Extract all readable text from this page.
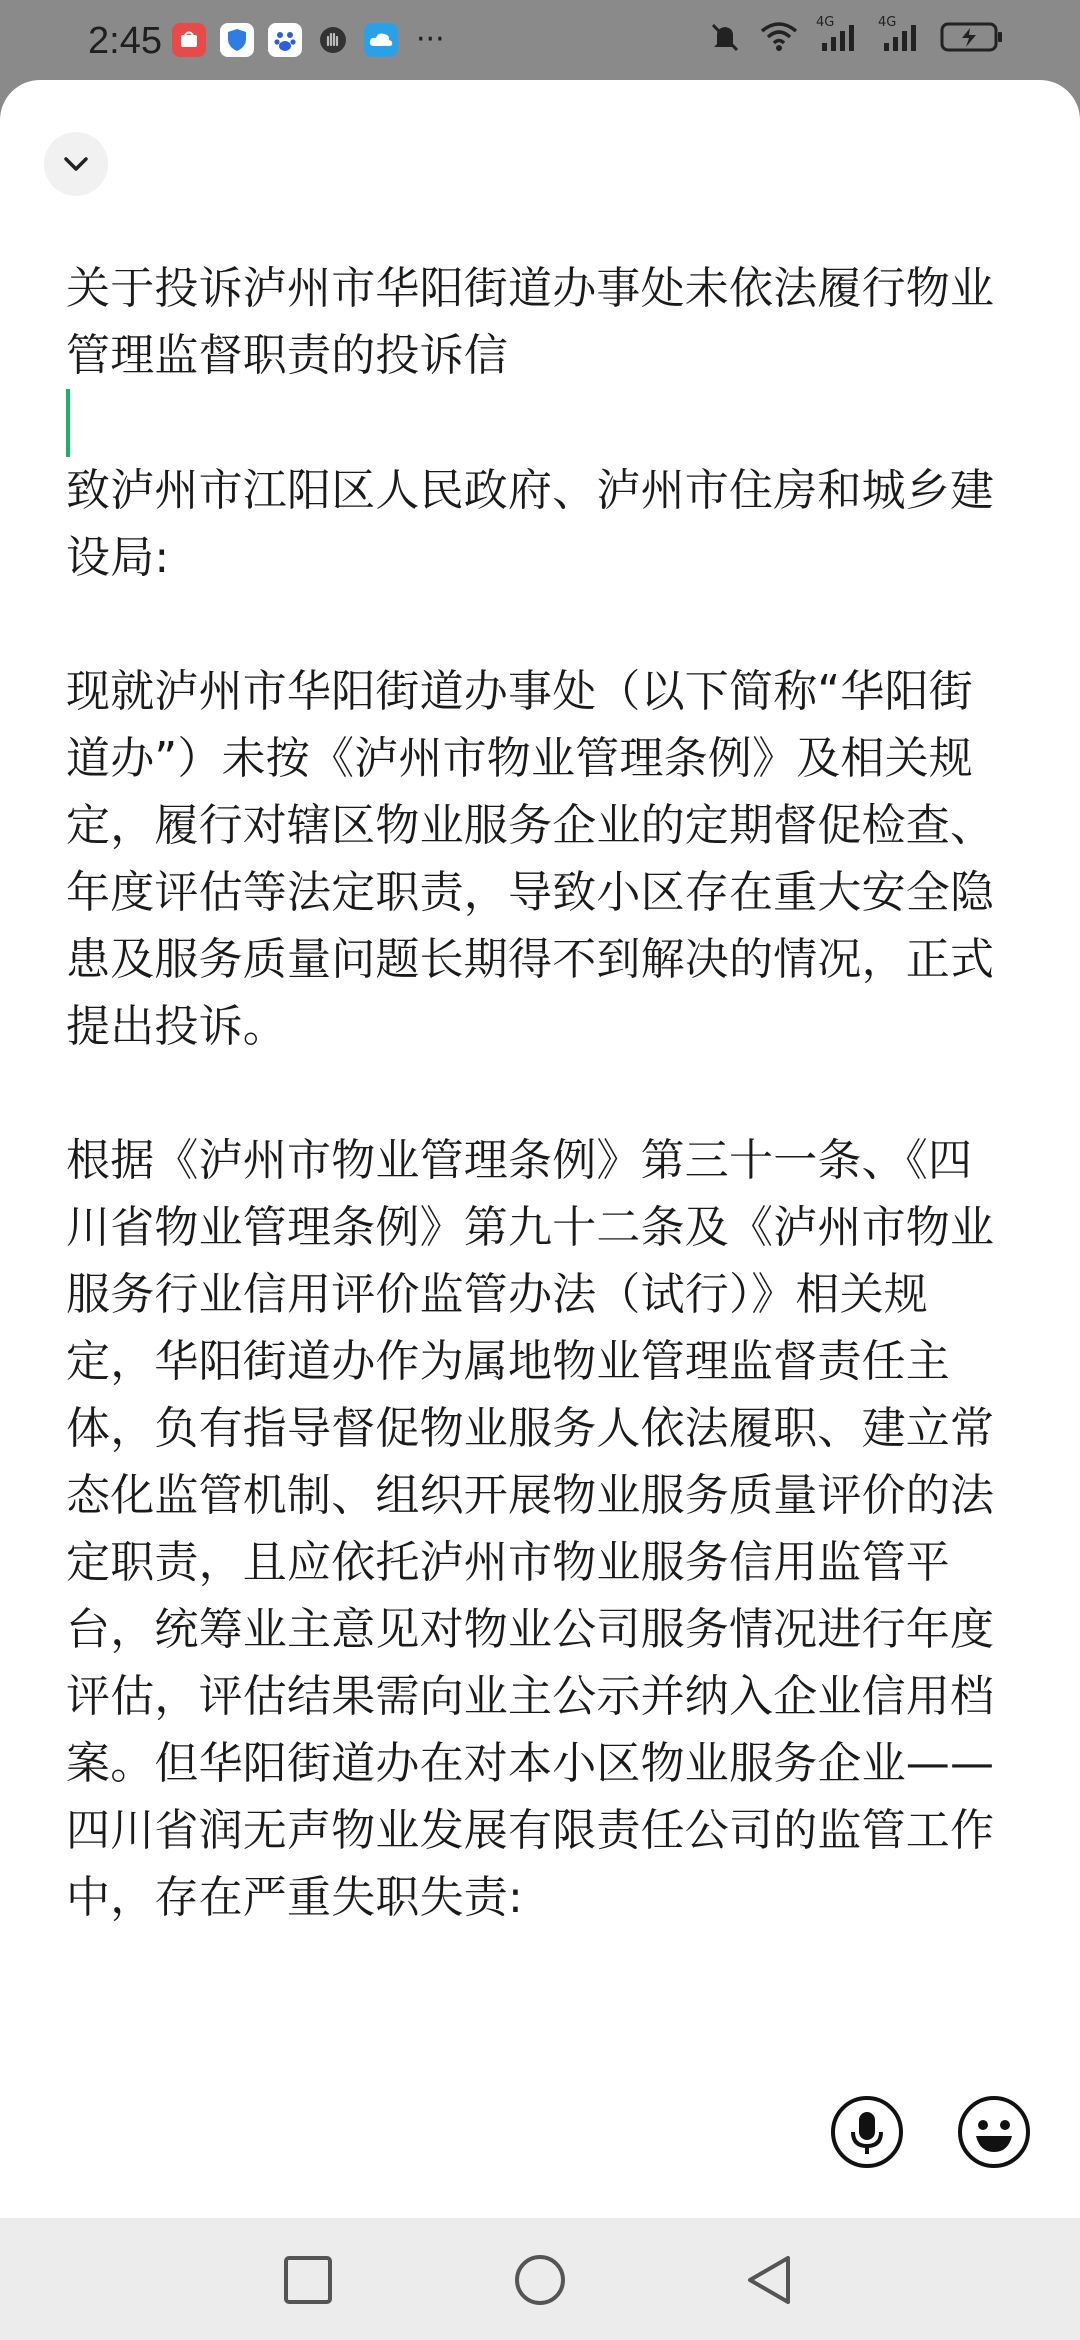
2:45	···	4G	4G

关于投诉泸州市华阳街道办事处未依法履行物业管理监督职责的投诉信

致泸州市江阳区人民政府、泸州市住房和城乡建设局:

现就泸州市华阳街道办事处（以下简称“华阳街道办”）未按《泸州市物业管理条例》及相关规定，履行对辖区物业服务企业的定期督促检查、年度评估等法定职责，导致小区存在重大安全隐患及服务质量问题长期得不到解决的情况，正式提出投诉。

根据《泸州市物业管理条例》第三十一条、《四川省物业管理条例》第九十二条及《泸州市物业服务行业信用评价监管办法（试行）》相关规定，华阳街道办作为属地物业管理监督责任主体，负有指导督促物业服务人依法履职、建立常态化监管机制、组织开展物业服务质量评价的法定职责，且应依托泸州市物业服务信用监管平台，统筹业主意见对物业公司服务情况进行年度评估，评估结果需向业主公示并纳入企业信用档案。但华阳街道办在对本小区物业服务企业——四川省润无声物业发展有限责任公司的监管工作中，存在严重失职失责:
